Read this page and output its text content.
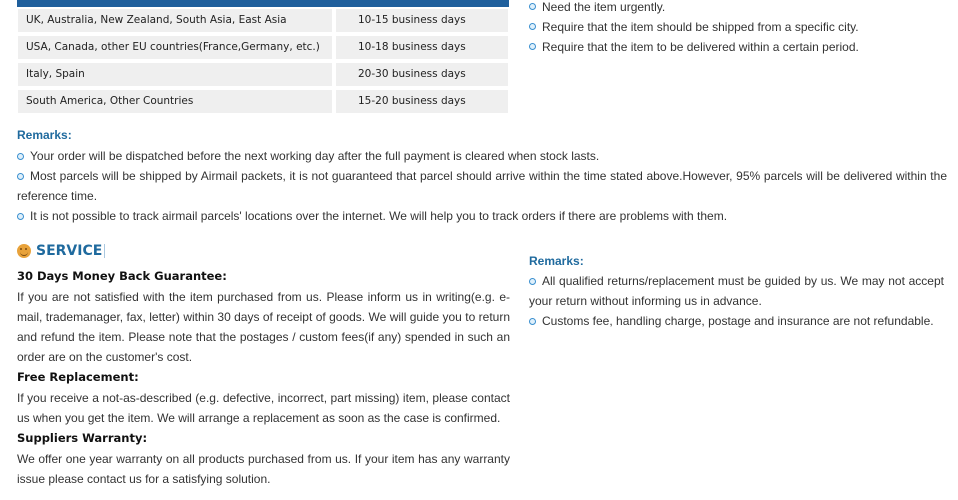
UK, Australia, New Zealand, South Asia, East Asia	10-15 business days
USA, Canada, other EU countries(France,Germany, etc.)	10-18 business days
Italy, Spain	20-30 business days
South America, Other Countries	15-20 business days
Need the item urgently.
Require that the item should be shipped from a specific city.
Require that the item to be delivered within a certain period.
Remarks:
Your order will be dispatched before the next working day after the full payment is cleared when stock lasts.
Most parcels will be shipped by Airmail packets, it is not guaranteed that parcel should arrive within the time stated above.However, 95% parcels will be delivered within the reference time.
It is not possible to track airmail parcels' locations over the internet. We will help you to track orders if there are problems with them.
SERVICE
30 Days Money Back Guarantee:
If you are not satisfied with the item purchased from us. Please inform us in writing(e.g. e-mail, trademanager, fax, letter) within 30 days of receipt of goods. We will guide you to return and refund the item. Please note that the postages / custom fees(if any) spended in such an order are on the customer's cost.
Free Replacement:
If you receive a not-as-described (e.g. defective, incorrect, part missing) item, please contact us when you get the item. We will arrange a replacement as soon as the case is confirmed.
Suppliers Warranty:
We offer one year warranty on all products purchased from us. If your item has any warranty issue please contact us for a satisfying solution.
Remarks:
All qualified returns/replacement must be guided by us. We may not accept your return without informing us in advance.
Customs fee, handling charge, postage and insurance are not refundable.
